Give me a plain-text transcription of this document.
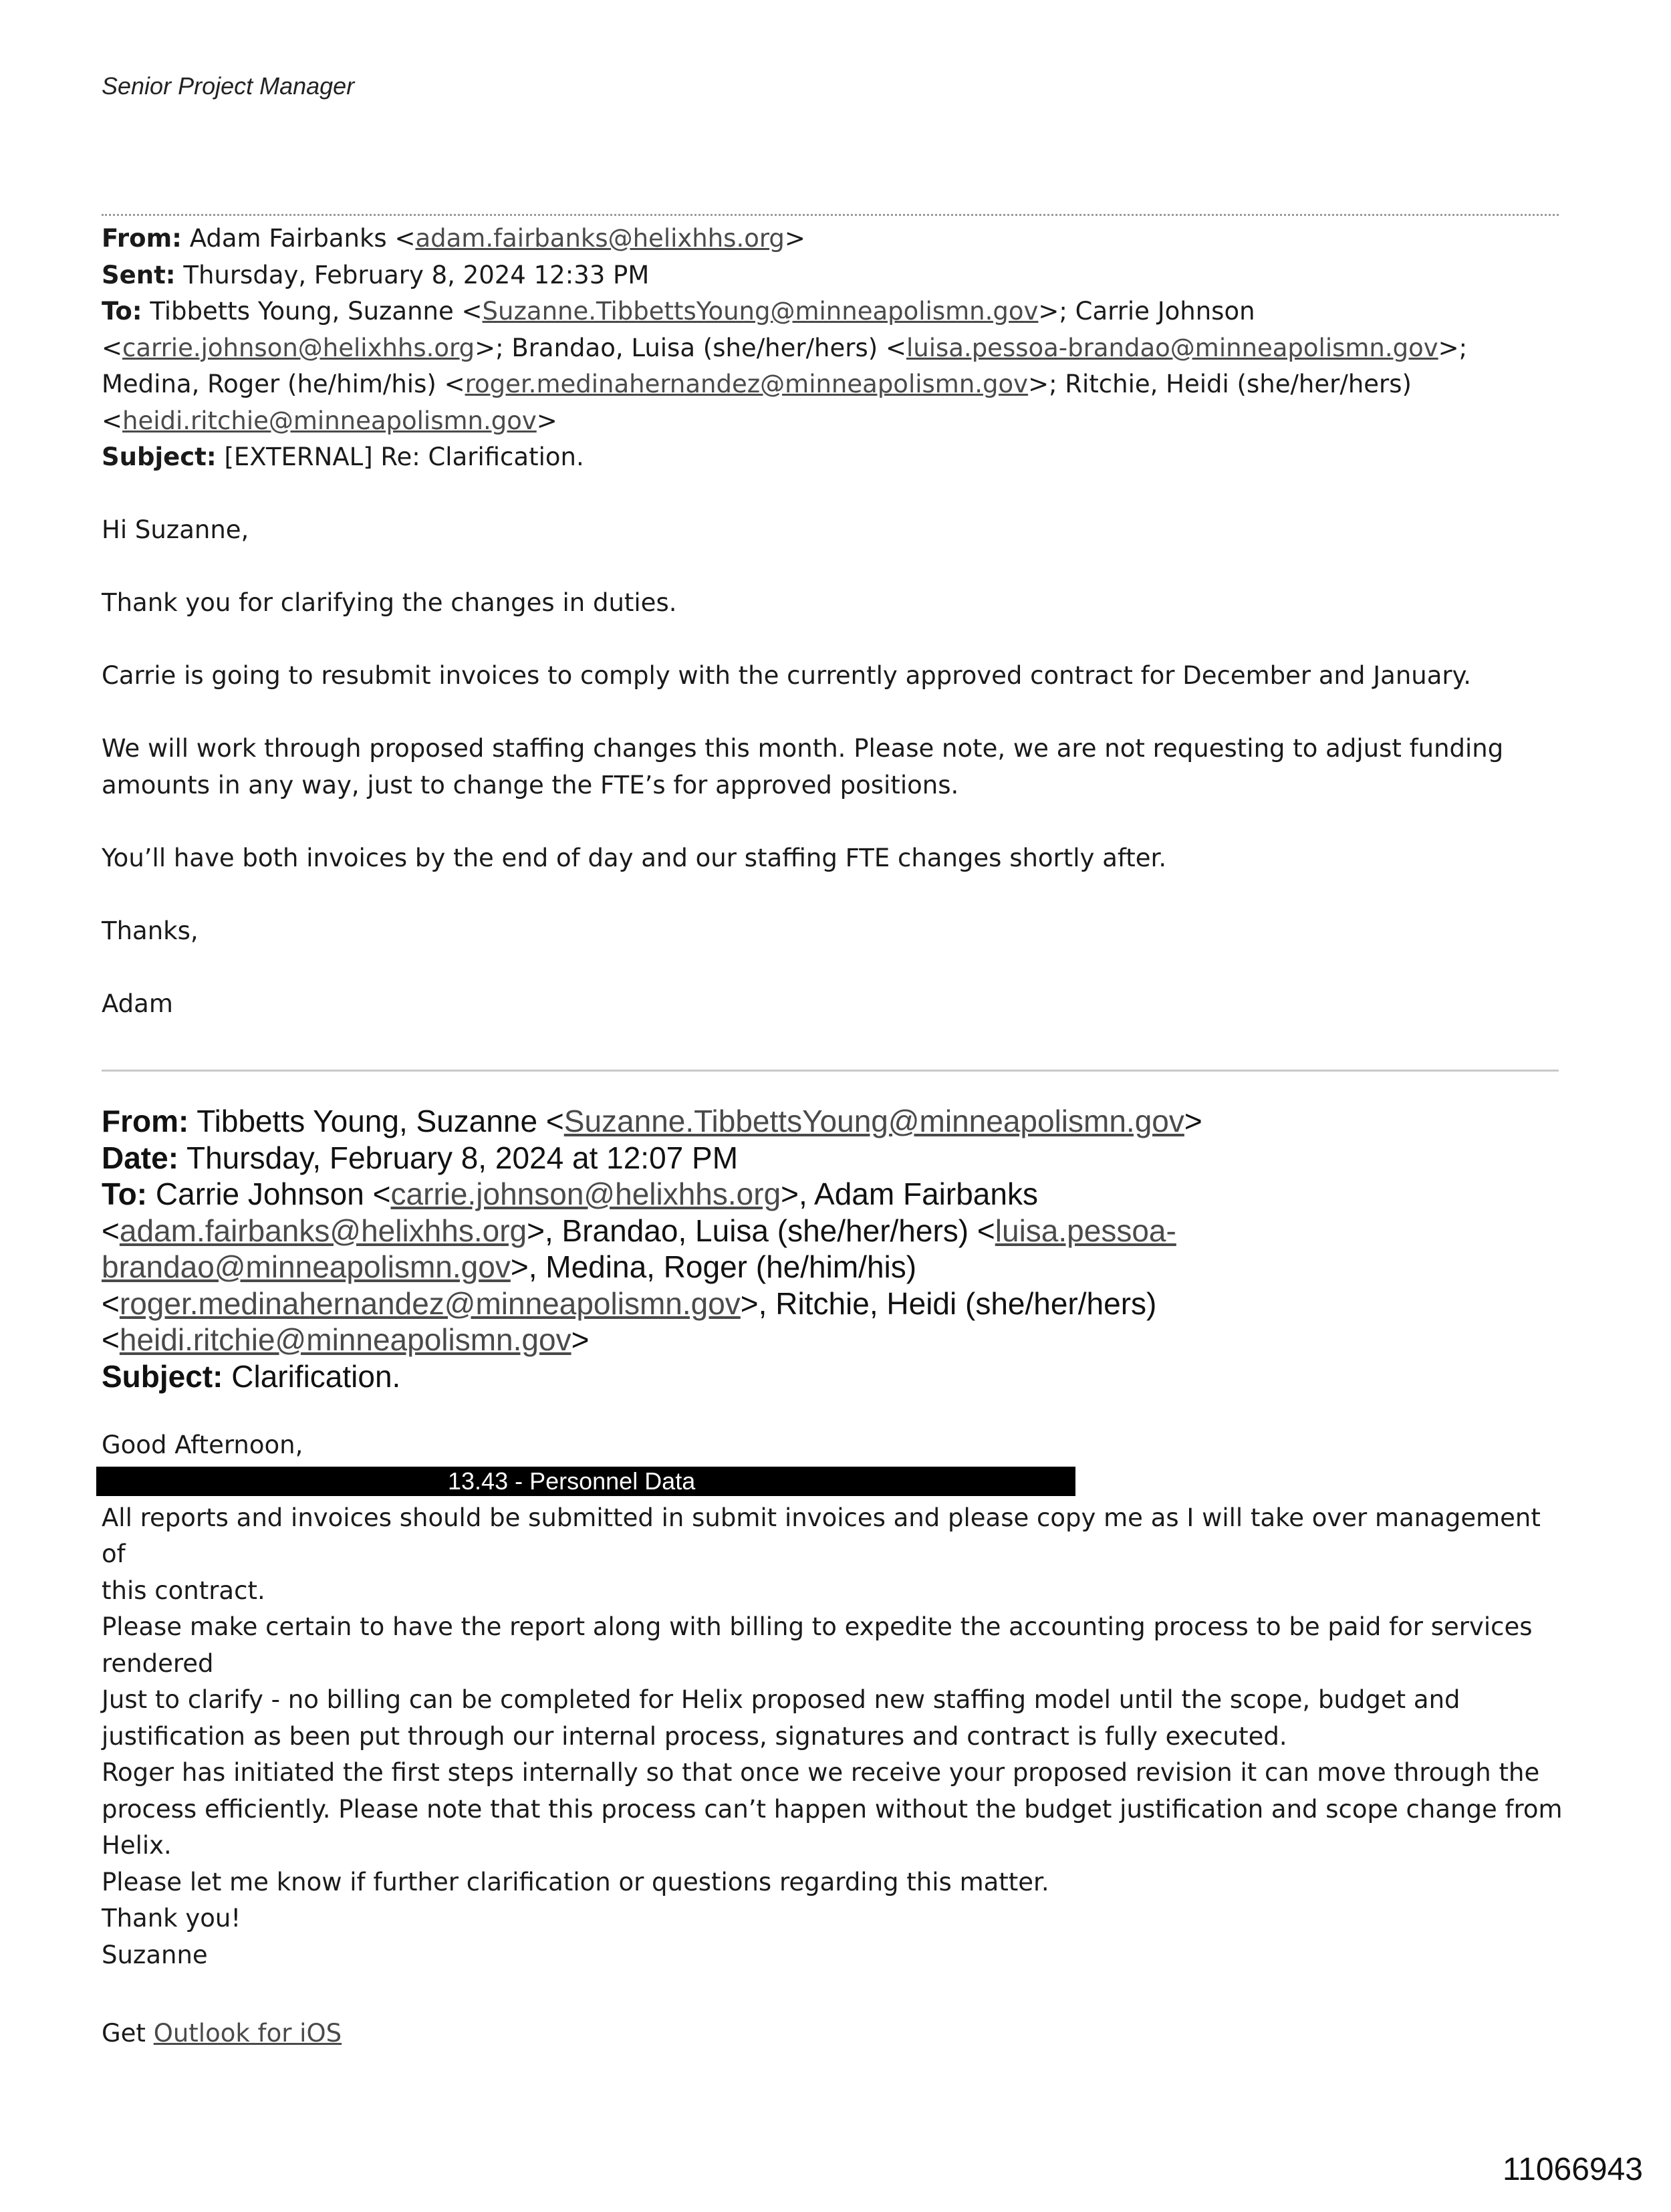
Senior Project Manager
From: Adam Fairbanks <adam.fairbanks@helixhhs.org>
Sent: Thursday, February 8, 2024 12:33 PM
To: Tibbetts Young, Suzanne <Suzanne.TibbettsYoung@minneapolismn.gov>; Carrie Johnson
<carrie.johnson@helixhhs.org>; Brandao, Luisa (she/her/hers) <luisa.pessoa-brandao@minneapolismn.gov>;
Medina, Roger (he/him/his) <roger.medinahernandez@minneapolismn.gov>; Ritchie, Heidi (she/her/hers)
<heidi.ritchie@minneapolismn.gov>
Subject: [EXTERNAL] Re: Clarification.
Hi Suzanne,
Thank you for clarifying the changes in duties.
Carrie is going to resubmit invoices to comply with the currently approved contract for December and January.
We will work through proposed staffing changes this month. Please note, we are not requesting to adjust funding
amounts in any way, just to change the FTE’s for approved positions.
You’ll have both invoices by the end of day and our staffing FTE changes shortly after.
Thanks,
Adam
From: Tibbetts Young, Suzanne <Suzanne.TibbettsYoung@minneapolismn.gov>
Date: Thursday, February 8, 2024 at 12:07 PM
To: Carrie Johnson <carrie.johnson@helixhhs.org>, Adam Fairbanks
<adam.fairbanks@helixhhs.org>, Brandao, Luisa (she/her/hers) <luisa.pessoa-
brandao@minneapolismn.gov>, Medina, Roger (he/him/his)
<roger.medinahernandez@minneapolismn.gov>, Ritchie, Heidi (she/her/hers)
<heidi.ritchie@minneapolismn.gov>
Subject: Clarification.
Good Afternoon,
13.43 - Personnel Data
All reports and invoices should be submitted in submit invoices and please copy me as I will take over management of
this contract.
Please make certain to have the report along with billing to expedite the accounting process to be paid for services
rendered
Just to clarify - no billing can be completed for Helix proposed new staffing model until the scope, budget and
justification as been put through our internal process, signatures and contract is fully executed.
Roger has initiated the first steps internally so that once we receive your proposed revision it can move through the
process efficiently. Please note that this process can’t happen without the budget justification and scope change from
Helix.
Please let me know if further clarification or questions regarding this matter.
Thank you!
Suzanne
Get Outlook for iOS
11066943
